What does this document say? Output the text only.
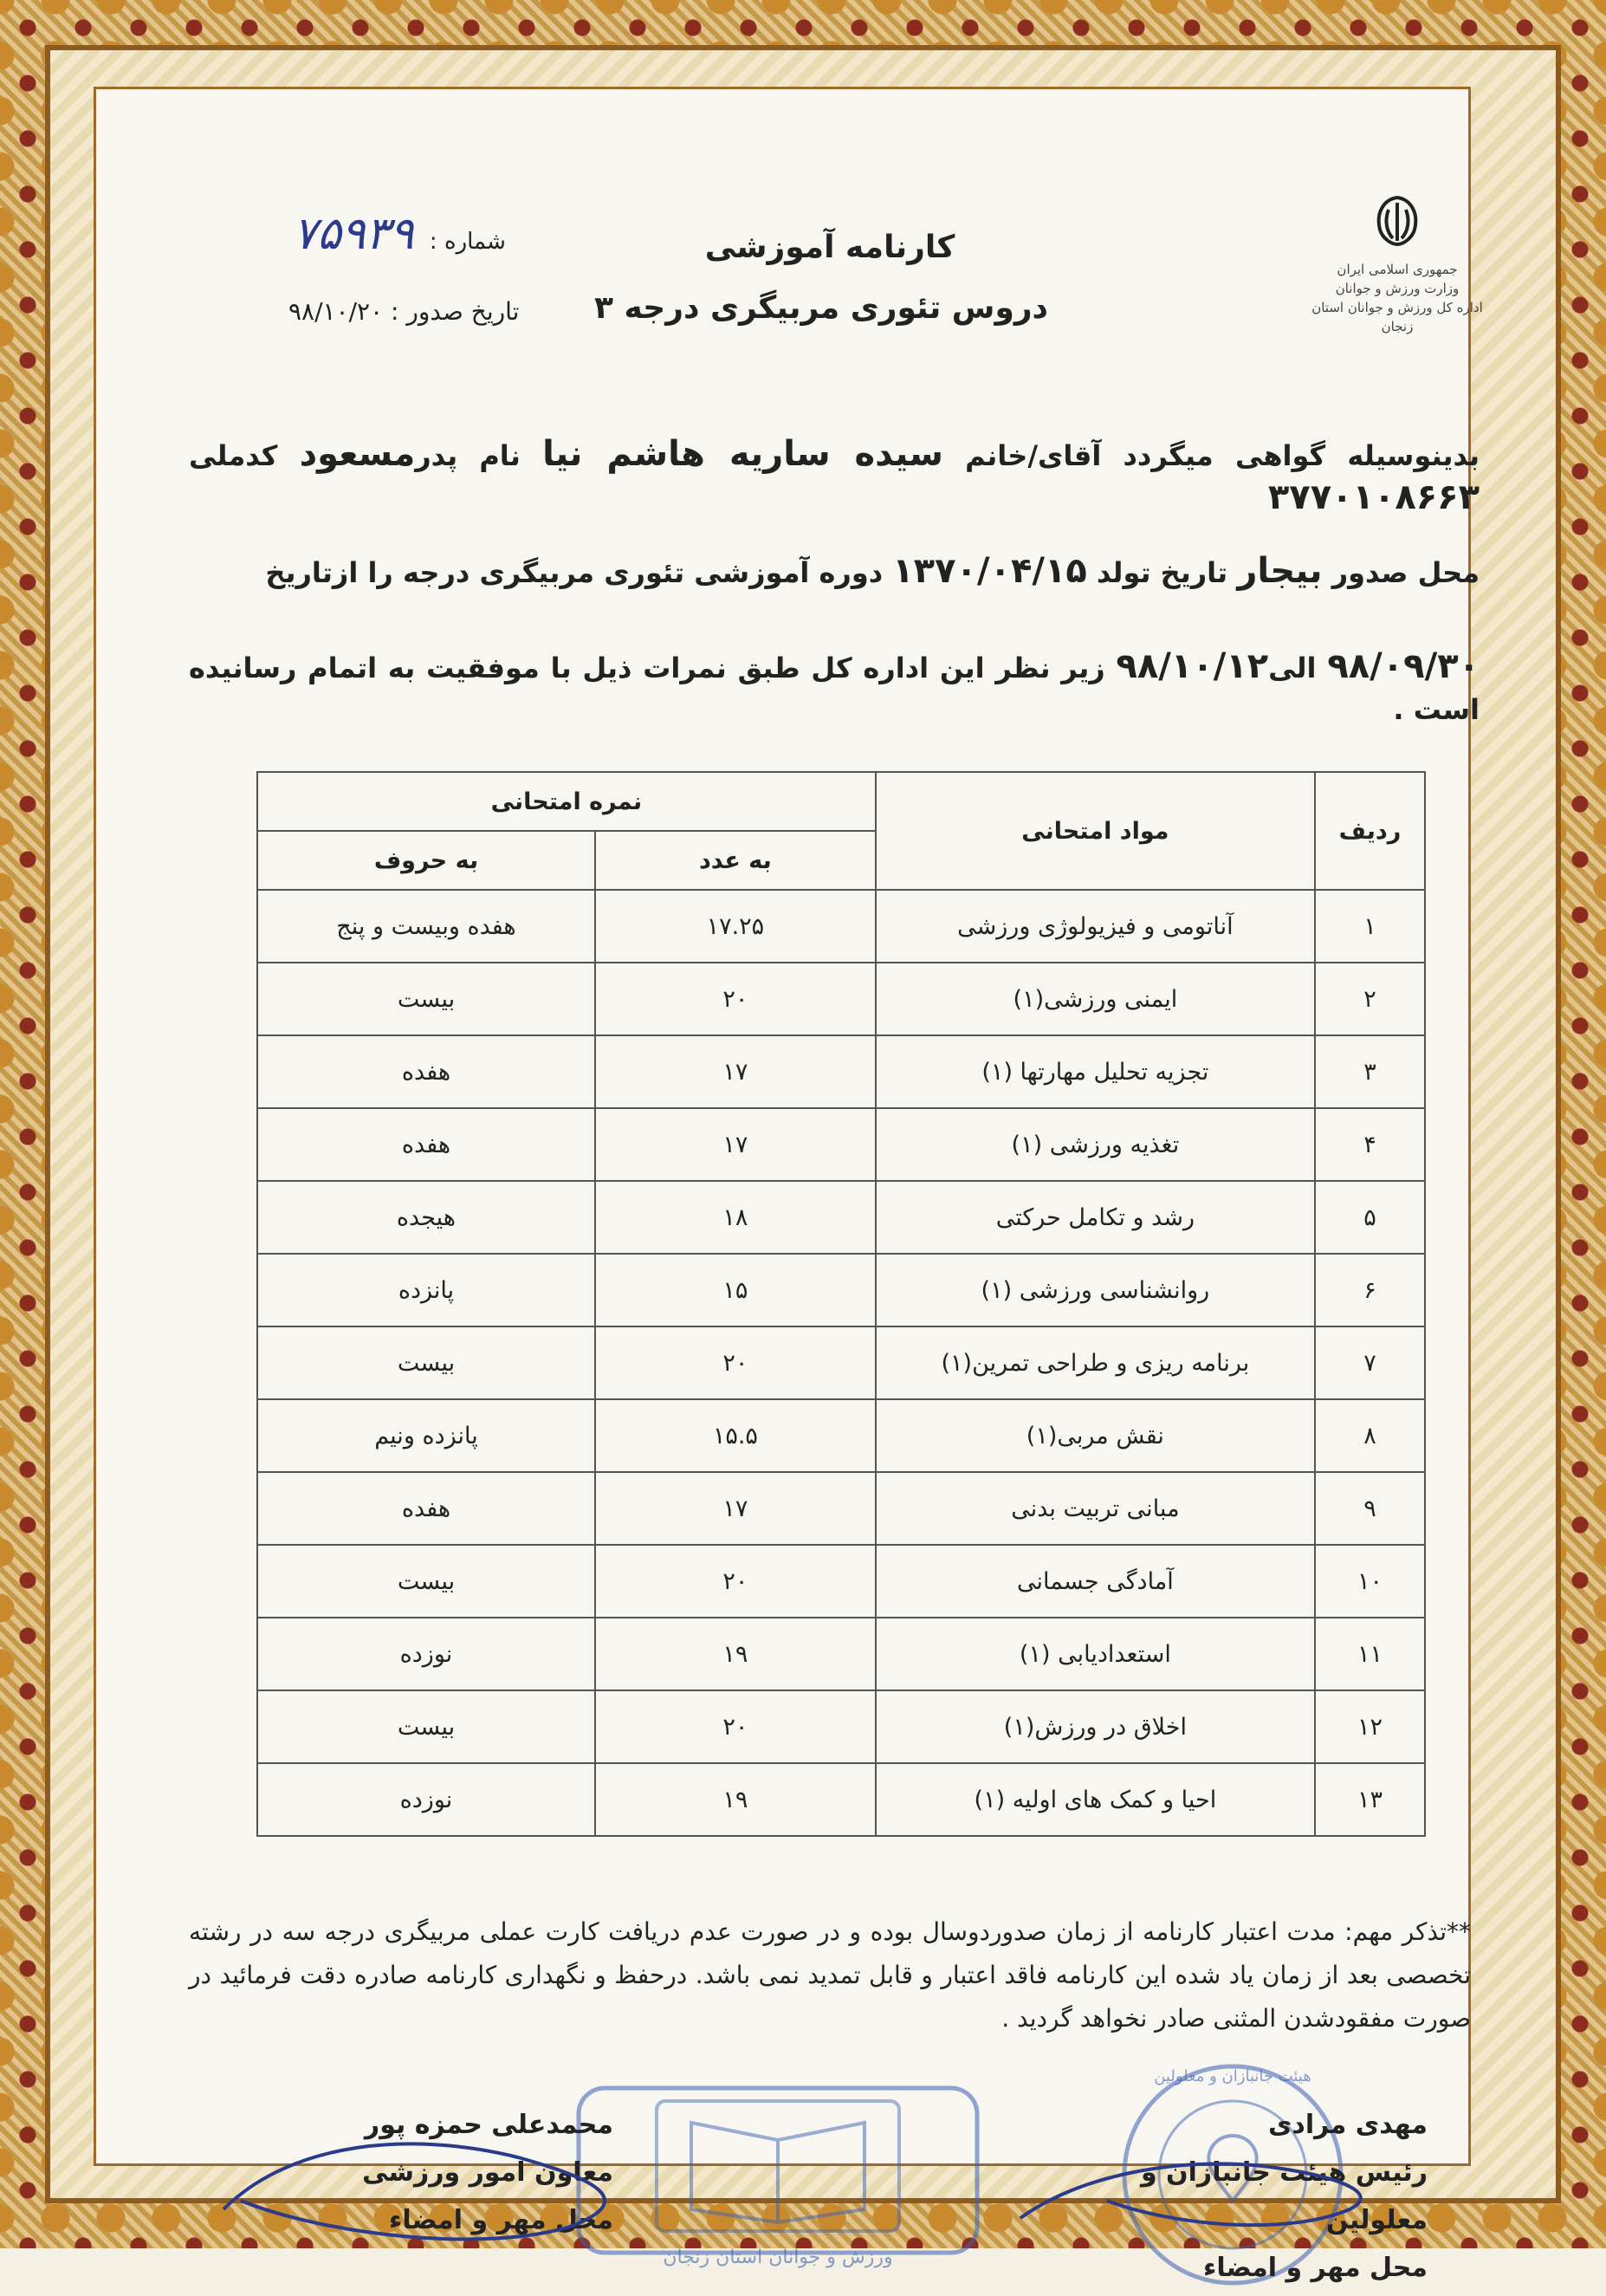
جمهوری اسلامی ایران
وزارت ورزش و جوانان
اداره کل ورزش و جوانان استان زنجان
کارنامه آموزشی
دروس تئوری مربیگری درجه ۳
شماره : ۷۵۹۳۹
تاریخ صدور : ۹۸/۱۰/۲۰
بدینوسیله گواهی میگردد آقای/خانم سیده ساریه هاشم نیا نام پدرمسعود کدملی ۳۷۷۰۱۰۸۶۶۳
محل صدور بیجار تاریخ تولد ۱۳۷۰/۰۴/۱۵ دوره آموزشی تئوری مربیگری درجه را ازتاریخ
۹۸/۰۹/۳۰ الی۹۸/۱۰/۱۲ زیر نظر این اداره کل طبق نمرات ذیل با موفقیت به اتمام رسانیده است .
ردیف	مواد امتحانی	نمره امتحانی	
		به عدد	به حروف
۱	آناتومی و فیزیولوژی ورزشی	۱۷.۲۵	هفده وبیست و پنج
۲	ایمنی ورزشی(۱)	۲۰	بیست
۳	تجزیه تحلیل مهارتها (۱)	۱۷	هفده
۴	تغذیه ورزشی (۱)	۱۷	هفده
۵	رشد و تکامل حرکتی	۱۸	هیجده
۶	روانشناسی ورزشی (۱)	۱۵	پانزده
۷	برنامه ریزی و طراحی تمرین(۱)	۲۰	بیست
۸	نقش مربی(۱)	۱۵.۵	پانزده ونیم
۹	مبانی تربیت بدنی	۱۷	هفده
۱۰	آمادگی جسمانی	۲۰	بیست
۱۱	استعدادیابی (۱)	۱۹	نوزده
۱۲	اخلاق در ورزش(۱)	۲۰	بیست
۱۳	احیا و کمک های اولیه (۱)	۱۹	نوزده
**تذکر مهم: مدت اعتبار کارنامه از زمان صدوردوسال بوده و در صورت عدم دریافت کارت عملی مربیگری درجه سه در رشته تخصصی بعد از زمان یاد شده این کارنامه فاقد اعتبار و قابل تمدید نمی باشد. درحفظ و نگهداری کارنامه صادره دقت فرمائید در صورت مفقودشدن المثنی صادر نخواهد گردید .
ورزش و جوانان استان زنجان
هیئت جانبازان و معلولین
مهدی مرادی
رئیس هیئت جانبازان و معلولین
محل مهر و امضاء
محمدعلی حمزه پور
معاون امور ورزشی
محل مهر و امضاء
